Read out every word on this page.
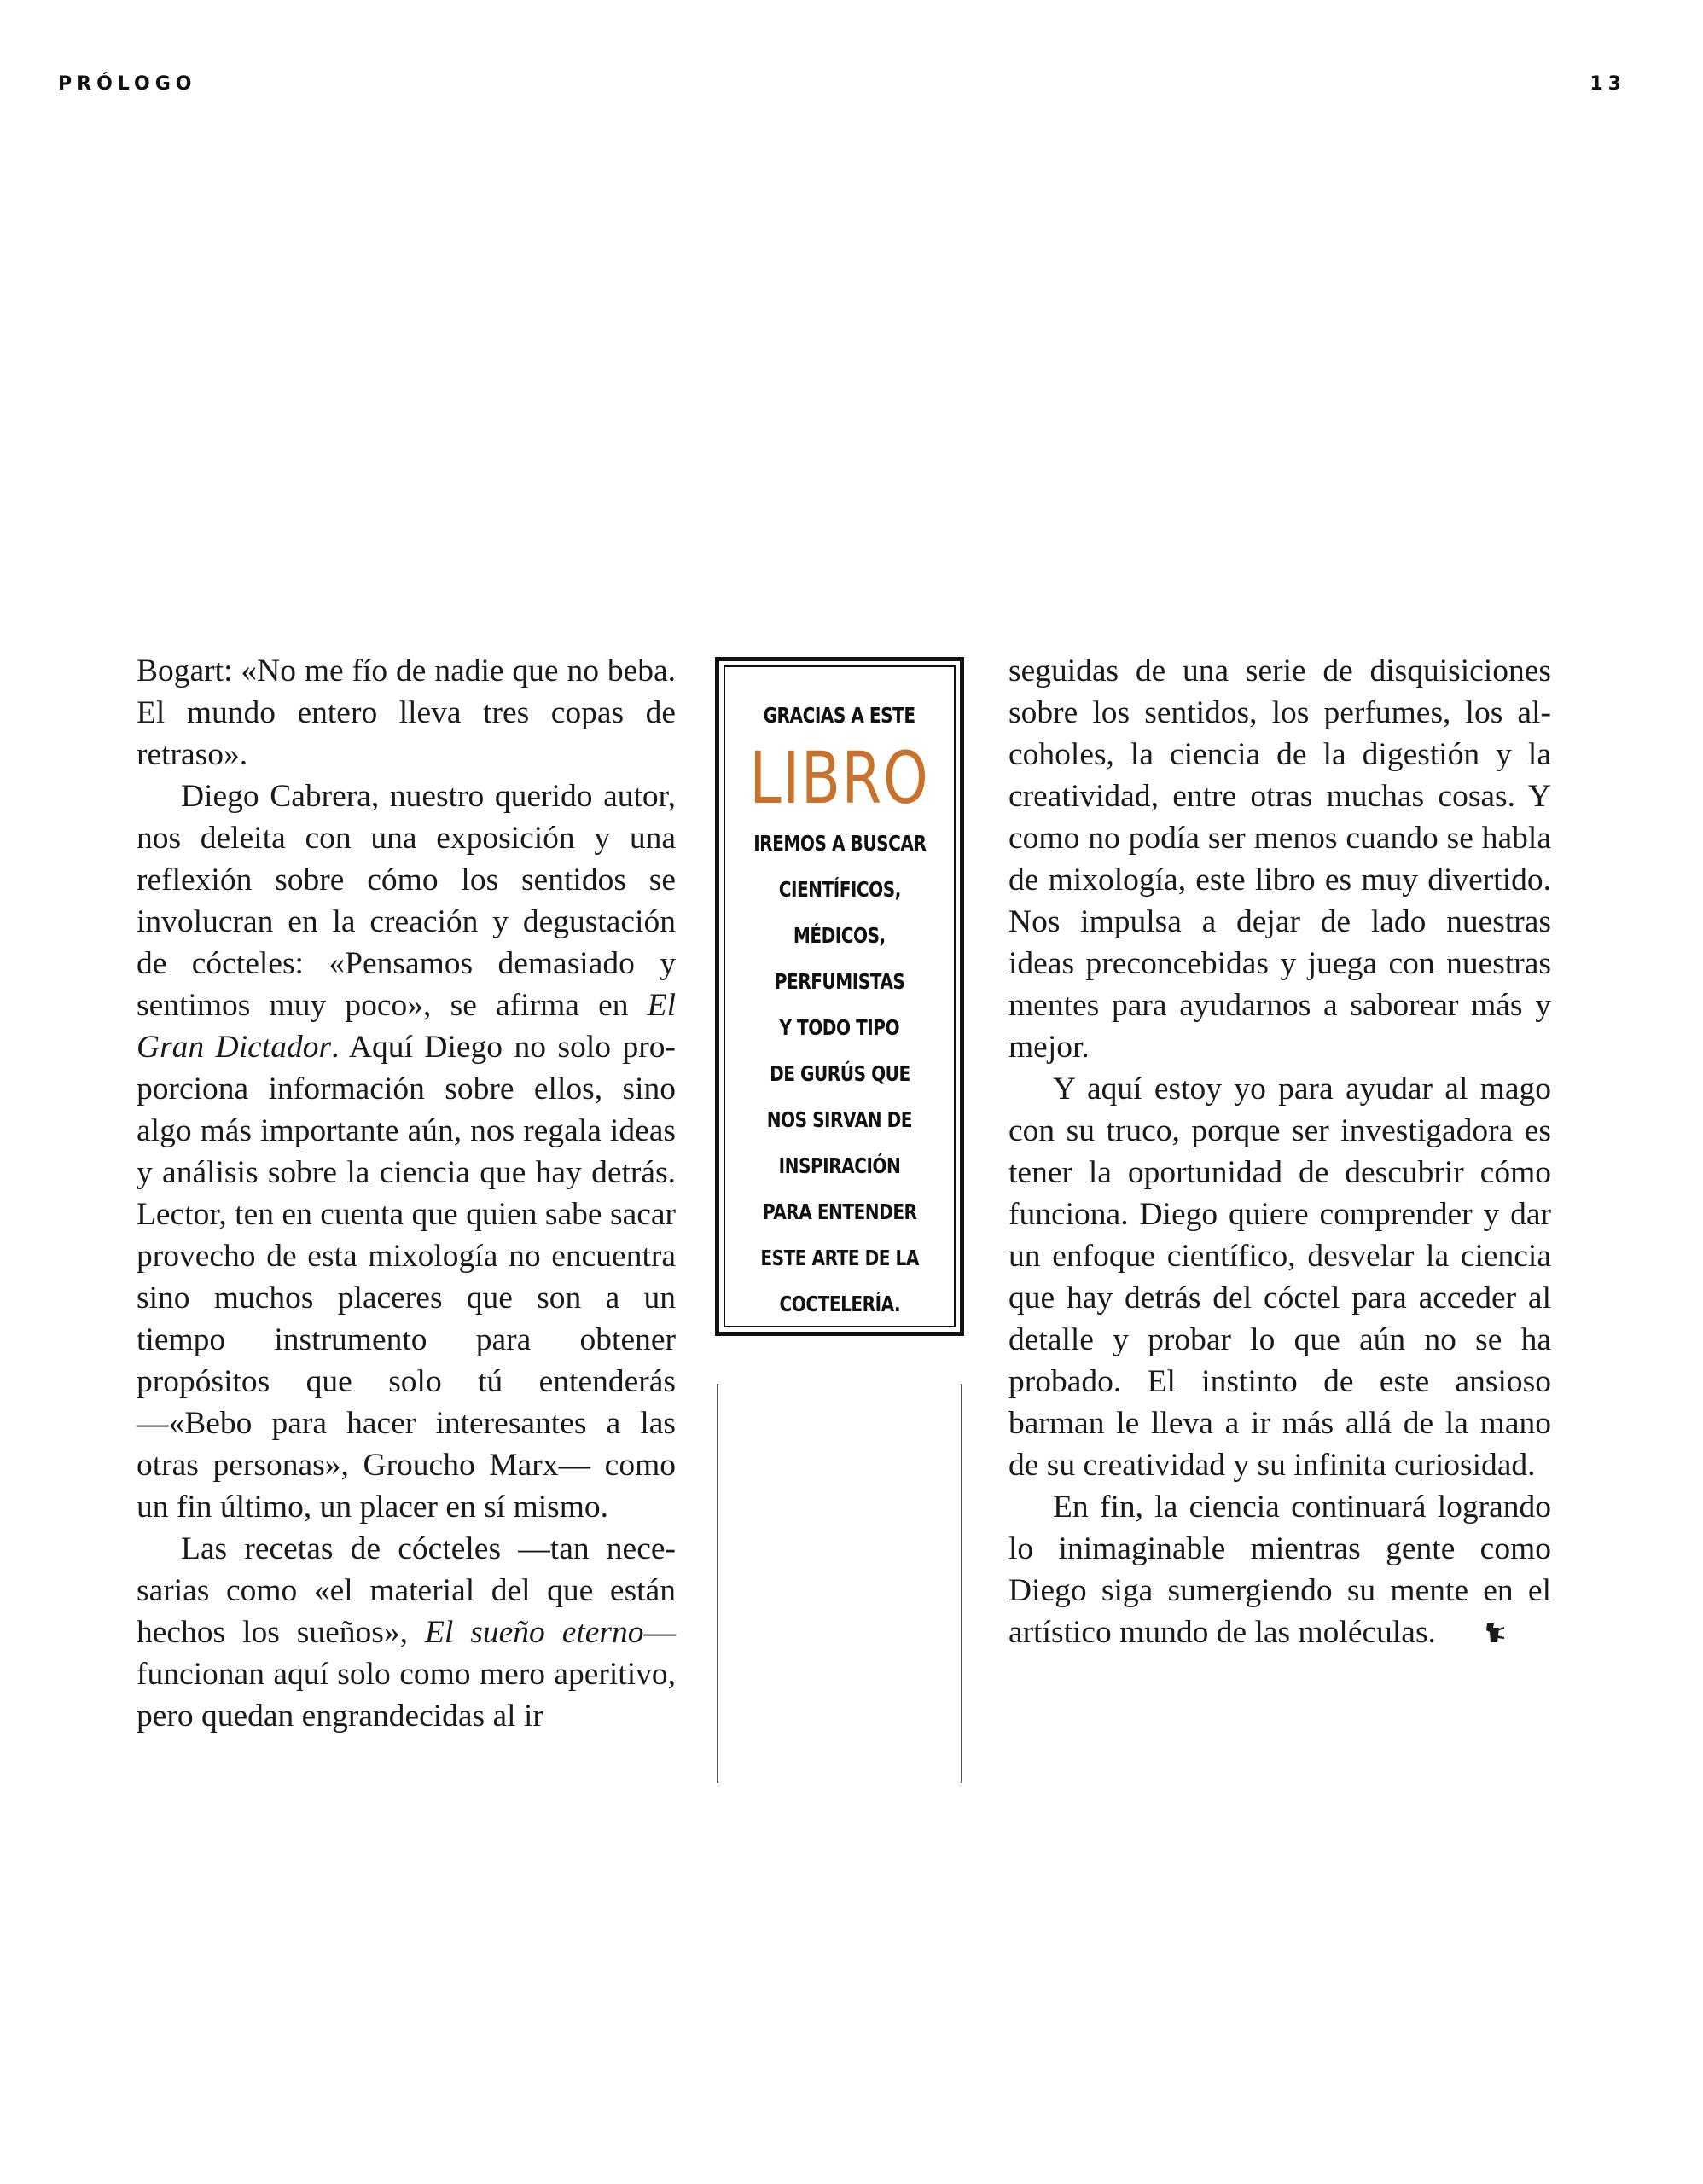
PRÓLOGO	13

Bogart: «No me fío de nadie que no beba. El mundo entero lleva tres copas de retraso».

Diego Cabrera, nuestro querido autor, nos deleita con una exposición y una reflexión sobre cómo los sentidos se involucran en la creación y degustación de cócteles: «Pensamos demasiado y sentimos muy poco», se afirma en El Gran Dictador. Aquí Diego no solo proporciona información sobre ellos, sino algo más importante aún, nos regala ideas y análisis sobre la ciencia que hay detrás. Lector, ten en cuenta que quien sabe sacar provecho de esta mixología no encuentra sino muchos placeres que son a un tiempo instrumento para obtener propósitos que solo tú entenderás —«Bebo para hacer interesantes a las otras personas», Groucho Marx— como un fin último, un placer en sí mismo.

Las recetas de cócteles —tan necesarias como «el material del que están hechos los sueños», El sueño eterno— funcionan aquí solo como mero aperitivo, pero quedan engrandecidas al ir

GRACIAS A ESTE
LIBRO
IREMOS A BUSCAR
CIENTÍFICOS,
MÉDICOS,
PERFUMISTAS
Y TODO TIPO
DE GURÚS QUE
NOS SIRVAN DE
INSPIRACIÓN
PARA ENTENDER
ESTE ARTE DE LA
COCTELERÍA.

seguidas de una serie de disquisiciones sobre los sentidos, los perfumes, los alcoholes, la ciencia de la digestión y la creatividad, entre otras muchas cosas. Y como no podía ser menos cuando se habla de mixología, este libro es muy divertido. Nos impulsa a dejar de lado nuestras ideas preconcebidas y juega con nuestras mentes para ayudarnos a saborear más y mejor.

Y aquí estoy yo para ayudar al mago con su truco, porque ser investigadora es tener la oportunidad de descubrir cómo funciona. Diego quiere comprender y dar un enfoque científico, desvelar la ciencia que hay detrás del cóctel para acceder al detalle y probar lo que aún no se ha probado. El instinto de este ansioso barman le lleva a ir más allá de la mano de su creatividad y su infinita curiosidad.

En fin, la ciencia continuará logrando lo inimaginable mientras gente como Diego siga sumergiendo su mente en el artístico mundo de las moléculas.
